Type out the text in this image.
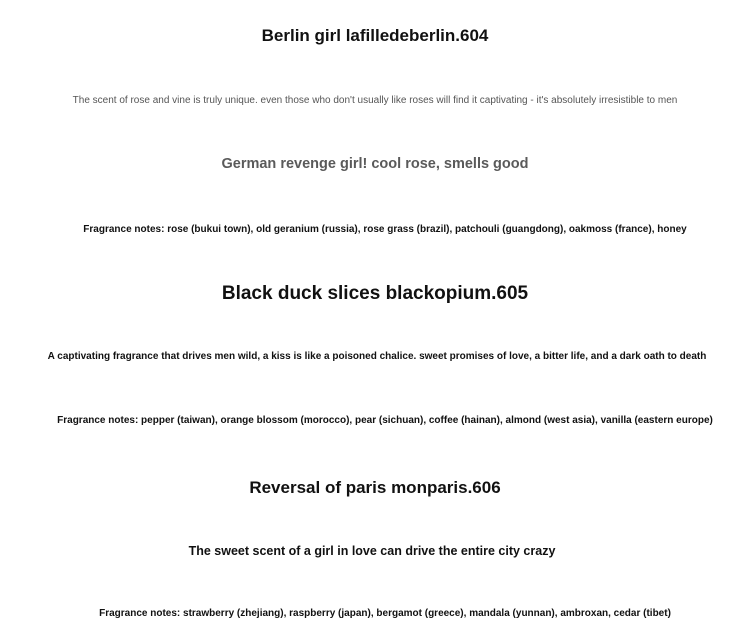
Berlin girl lafilledeberlin.604

The scent of rose and vine is truly unique. even those who don't usually like roses will find it captivating - it's absolutely irresistible to men

German revenge girl! cool rose, smells good

Fragrance notes: rose (bukui town), old geranium (russia), rose grass (brazil), patchouli (guangdong), oakmoss (france), honey

Black duck slices blackopium.605

A captivating fragrance that drives men wild, a kiss is like a poisoned chalice. sweet promises of love, a bitter life, and a dark oath to death

Fragrance notes: pepper (taiwan), orange blossom (morocco), pear (sichuan), coffee (hainan), almond (west asia), vanilla (eastern europe)

Reversal of paris monparis.606

The sweet scent of a girl in love can drive the entire city crazy

Fragrance notes: strawberry (zhejiang), raspberry (japan), bergamot (greece), mandala (yunnan), ambroxan, cedar (tibet)
